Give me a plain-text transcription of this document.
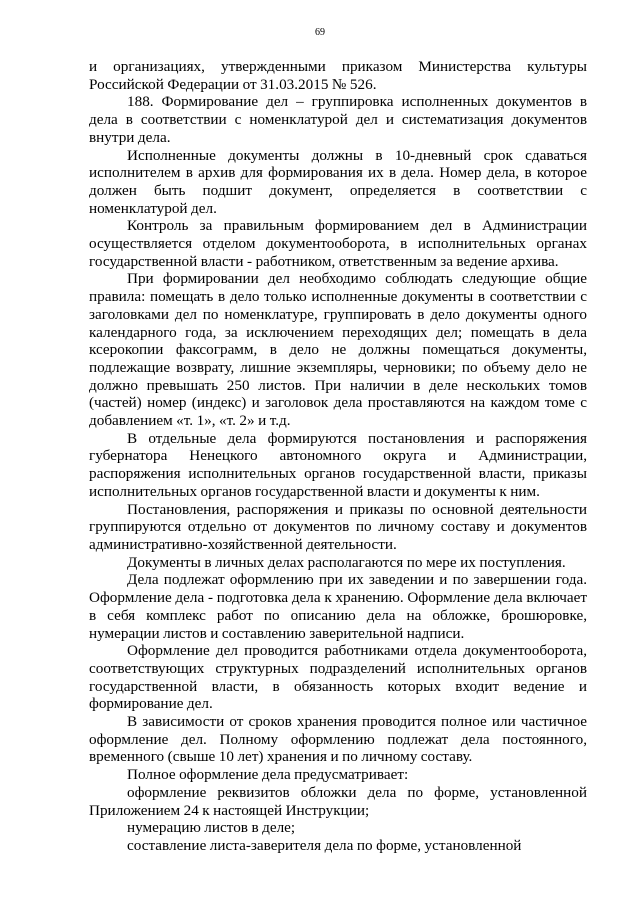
69

и организациях, утвержденными приказом Министерства культуры Российской Федерации от 31.03.2015 № 526.

188. Формирование дел – группировка исполненных документов в дела в соответствии с номенклатурой дел и систематизация документов внутри дела.

Исполненные документы должны в 10-дневный срок сдаваться исполнителем в архив для формирования их в дела. Номер дела, в которое должен быть подшит документ, определяется в соответствии с номенклатурой дел.

Контроль за правильным формированием дел в Администрации осуществляется отделом документооборота, в исполнительных органах государственной власти - работником, ответственным за ведение архива.

При формировании дел необходимо соблюдать следующие общие правила: помещать в дело только исполненные документы в соответствии с заголовками дел по номенклатуре, группировать в дело документы одного календарного года, за исключением переходящих дел; помещать в дела ксерокопии факсограмм, в дело не должны помещаться документы, подлежащие возврату, лишние экземпляры, черновики; по объему дело не должно превышать 250 листов. При наличии в деле нескольких томов (частей) номер (индекс) и заголовок дела проставляются на каждом томе с добавлением «т. 1», «т. 2» и т.д.

В отдельные дела формируются постановления и распоряжения губернатора Ненецкого автономного округа и Администрации, распоряжения исполнительных органов государственной власти, приказы исполнительных органов государственной власти и документы к ним.

Постановления, распоряжения и приказы по основной деятельности группируются отдельно от документов по личному составу и документов административно-хозяйственной деятельности.

Документы в личных делах располагаются по мере их поступления.

Дела подлежат оформлению при их заведении и по завершении года. Оформление дела - подготовка дела к хранению. Оформление дела включает в себя комплекс работ по описанию дела на обложке, брошюровке, нумерации листов и составлению заверительной надписи.

Оформление дел проводится работниками отдела документооборота, соответствующих структурных подразделений исполнительных органов государственной власти, в обязанность которых входит ведение и формирование дел.

В зависимости от сроков хранения проводится полное или частичное оформление дел. Полному оформлению подлежат дела постоянного, временного (свыше 10 лет) хранения и по личному составу.

Полное оформление дела предусматривает:

оформление реквизитов обложки дела по форме, установленной Приложением 24 к настоящей Инструкции;

нумерацию листов в деле;

составление листа-заверителя дела по форме, установленной
